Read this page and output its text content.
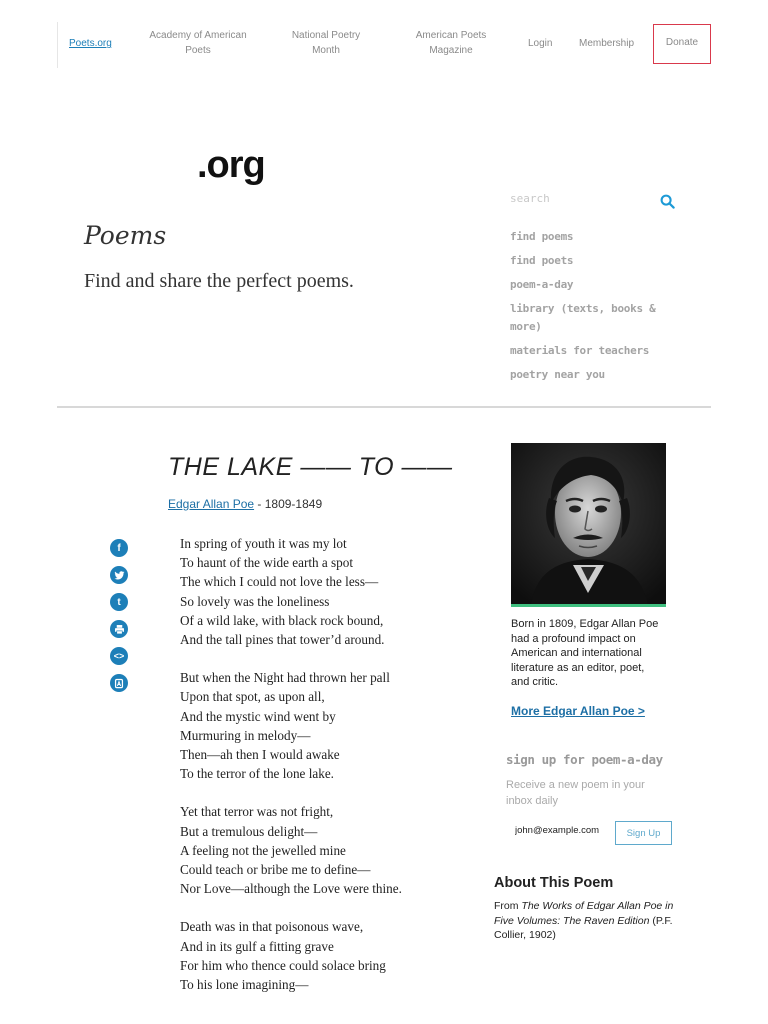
Poets.org
Academy of American
Poets
National Poetry
Month
American Poets
Magazine
Login	Membership	Donate
.org
Poems
Find and share the perfect poems.
search
find poems
find poets
poem-a-day
library (texts, books & more)
materials for teachers
poetry near you
THE LAKE —— TO ——
Edgar Allan Poe - 1809-1849
f
t
<>
In spring of youth it was my lot
To haunt of the wide earth a spot
The which I could not love the less—
So lovely was the loneliness
Of a wild lake, with black rock bound,
And the tall pines that tower’d around.
But when the Night had thrown her pall
Upon that spot, as upon all,
And the mystic wind went by
Murmuring in melody—
Then—ah then I would awake
To the terror of the lone lake.
Yet that terror was not fright,
But a tremulous delight—
A feeling not the jewelled mine
Could teach or bribe me to define—
Nor Love—although the Love were thine.
Death was in that poisonous wave,
And in its gulf a fitting grave
For him who thence could solace bring
To his lone imagining—
Born in 1809, Edgar Allan Poe had a profound impact on American and international literature as an editor, poet, and critic.
More Edgar Allan Poe >
sign up for poem-a-day
Receive a new poem in your inbox daily
john@example.com
Sign Up
About This Poem
From The Works of Edgar Allan Poe in Five Volumes: The Raven Edition (P.F. Collier, 1902)
